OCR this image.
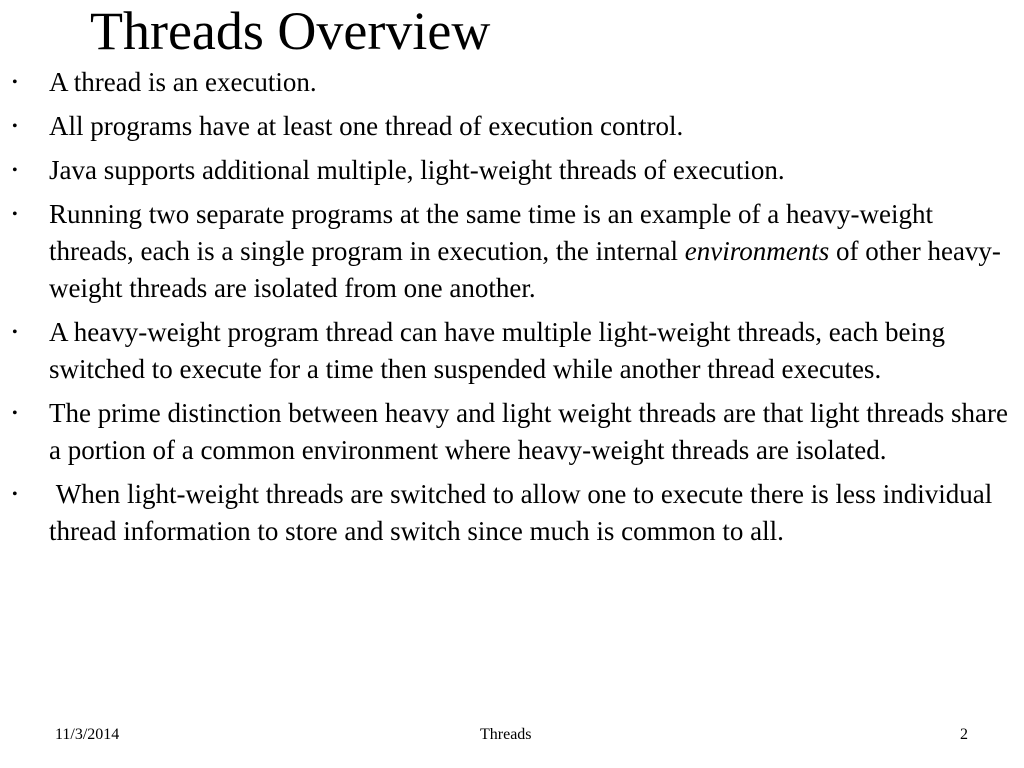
Threads Overview
• A thread is an execution.
• All programs have at least one thread of execution control.
• Java supports additional multiple, light-weight threads of execution.
• Running two separate programs at the same time is an example of a heavy-weight threads, each is a single program in execution, the internal environments of other heavy-weight threads are isolated from one another.
• A heavy-weight program thread can have multiple light-weight threads, each being switched to execute for a time then suspended while another thread executes.
• The prime distinction between heavy and light weight threads are that light threads share a portion of a common environment where heavy-weight threads are isolated.
• When light-weight threads are switched to allow one to execute there is less individual thread information to store and switch since much is common to all.
11/3/2014	Threads	2
